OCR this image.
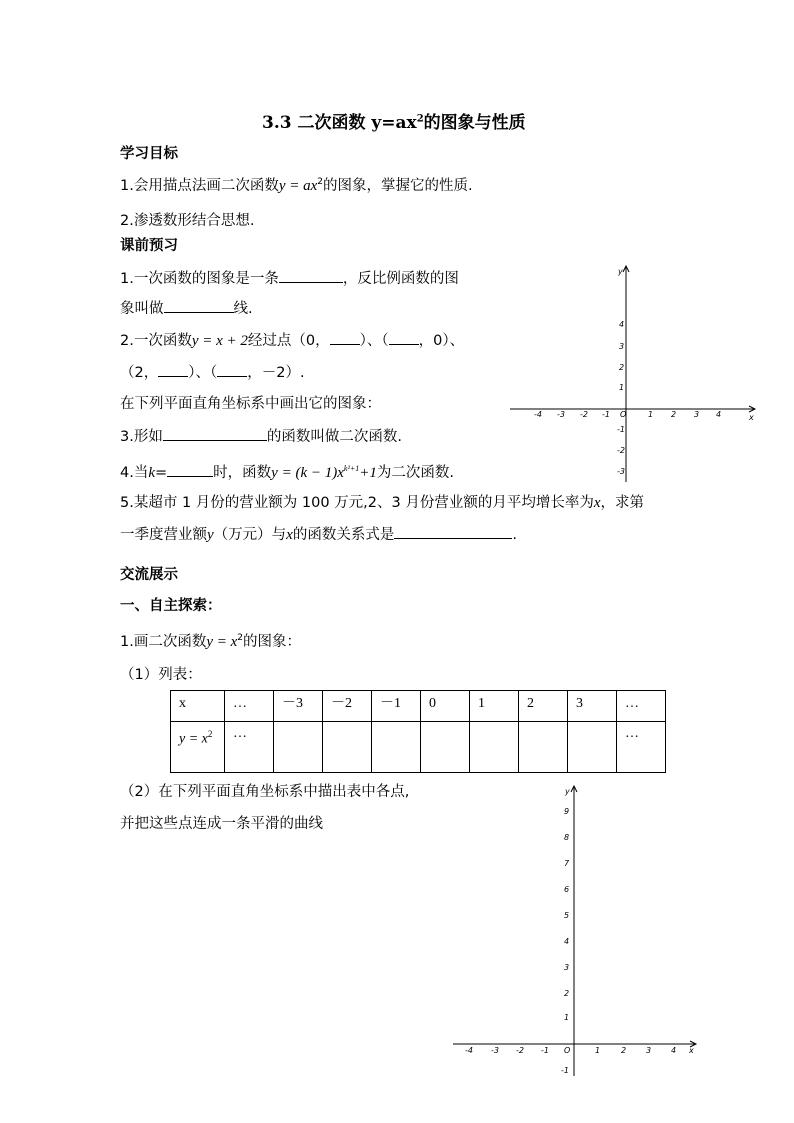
3.3 二次函数 $y=ax^2$的图象与性质
学习目标
1.会用描点法画二次函数$y = ax^2$的图象，掌握它的性质.
2.渗透数形结合思想.
课前预习
1.一次函数的图象是一条	，反比例函数的图
象叫做	线.
2.一次函数y = x + 2经过点（0， ）、（ ，0）、
（2， ）、（ ，－2）.
在下列平面直角坐标系中画出它的图象：
3.形如	的函数叫做二次函数.
4.当k=	时，函数$y = (k - 1)x^{k^2+1}+1$为二次函数.
5.某超市 1 月份的营业额为 100 万元,2、3 月份营业额的月平均增长率为x，求第
一季度营业额y（万元）与x的函数关系式是	.
交流展示
一、自主探索：
1.画二次函数$y = x^2$的图象：
（1）列表：
x	…	－3	－2	－1	0	1	2	3	…
$y = x^2$	…								…
（2）在下列平面直角坐标系中描出表中各点,
并把这些点连成一条平滑的曲线
x
y
O
-4 -3 -2 -1	1 2 3 4
4
3
2
1
-1
-2
-3
x
y
O
-4 -3 -2 -1	1	2 3 4
9
8
7
6
5
4
3
2
1
-1
